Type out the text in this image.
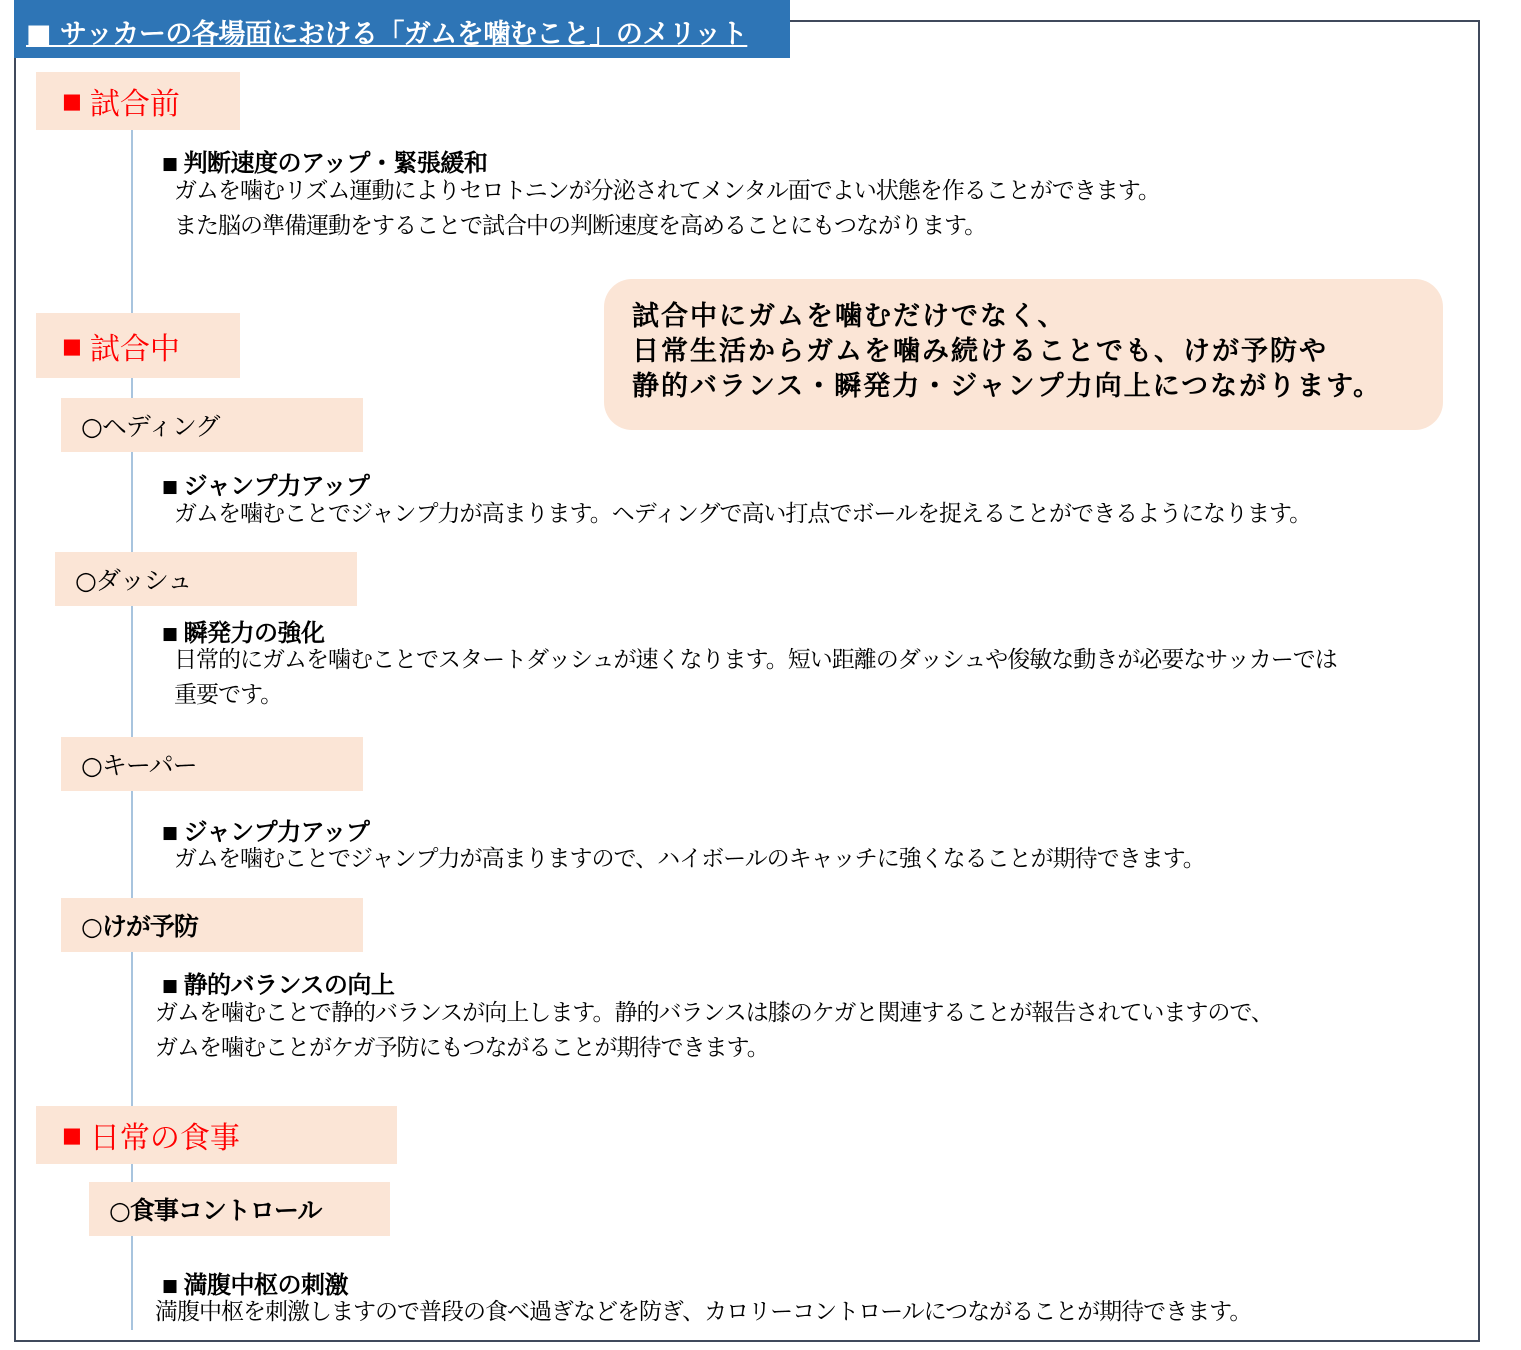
■ サッカーの各場面における「ガムを噛むこと」のメリット
■ 試合前
■ 判断速度のアップ・緊張緩和
ガムを噛むリズム運動によりセロトニンが分泌されてメンタル面でよい状態を作ることができます。
また脳の準備運動をすることで試合中の判断速度を高めることにもつながります。
■ 試合中
試合中にガムを噛むだけでなく、
日常生活からガムを噛み続けることでも、けが予防や
静的バランス・瞬発力・ジャンプ力向上につながります。
○ヘディング
■ ジャンプ力アップ
ガムを噛むことでジャンプ力が高まります。ヘディングで高い打点でボールを捉えることができるようになります。
○ダッシュ
■ 瞬発力の強化
日常的にガムを噛むことでスタートダッシュが速くなります。短い距離のダッシュや俊敏な動きが必要なサッカーでは
重要です。
○キーパー
■ ジャンプ力アップ
ガムを噛むことでジャンプ力が高まりますので、ハイボールのキャッチに強くなることが期待できます。
○けが予防
■ 静的バランスの向上
ガムを噛むことで静的バランスが向上します。静的バランスは膝のケガと関連することが報告されていますので、
ガムを噛むことがケガ予防にもつながることが期待できます。
■ 日常の食事
○食事コントロール
■ 満腹中枢の刺激
満腹中枢を刺激しますので普段の食べ過ぎなどを防ぎ、カロリーコントロールにつながることが期待できます。
